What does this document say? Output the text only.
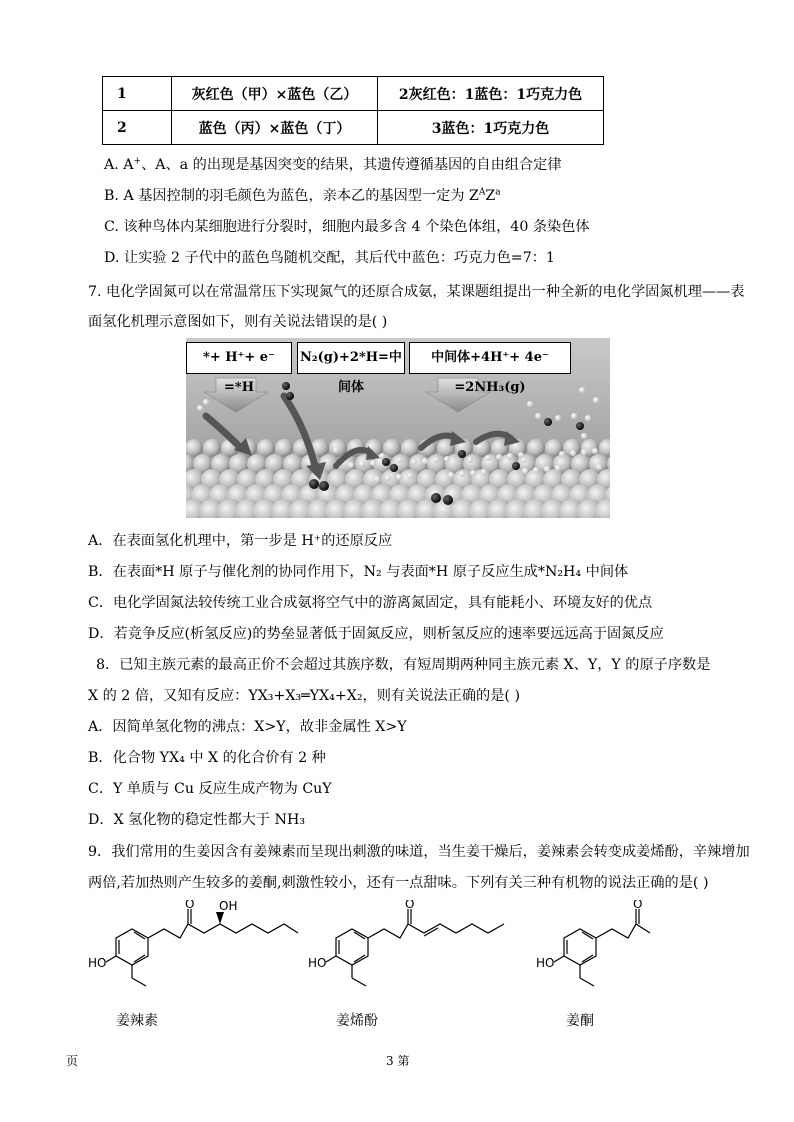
1	灰红色（甲）×蓝色（乙）	2灰红色：1蓝色：1巧克力色
2	蓝色（丙）×蓝色（丁）	3蓝色：1巧克力色
A. A+、A、a 的出现是基因突变的结果，其遗传遵循基因的自由组合定律
B. A 基因控制的羽毛颜色为蓝色，亲本乙的基因型一定为 $Z^AZ^a$
C. 该种鸟体内某细胞进行分裂时，细胞内最多含 4 个染色体组，40 条染色体
D. 让实验 2 子代中的蓝色鸟随机交配，其后代中蓝色：巧克力色=7：1
7. 电化学固氮可以在常温常压下实现氮气的还原合成氨，某课题组提出一种全新的电化学固氮机理——表
面氢化机理示意图如下，则有关说法错误的是( )
*+ H⁺+ e⁻ =*H
N₂(g)+2*H=中间体
中间体+4H⁺+ 4e⁻ =2NH₃(g)
A．在表面氢化机理中，第一步是 H⁺的还原反应
B．在表面*H 原子与催化剂的协同作用下，N₂ 与表面*H 原子反应生成*N₂H₄ 中间体
C．电化学固氮法较传统工业合成氨将空气中的游离氮固定，具有能耗小、环境友好的优点
D．若竞争反应(析氢反应)的势垒显著低于固氮反应，则析氢反应的速率要远远高于固氮反应
8．已知主族元素的最高正价不会超过其族序数，有短周期两种同主族元素 X、Y，Y 的原子序数是
X 的 2 倍，又知有反应：YX₃+X₃═YX₄+X₂，则有关说法正确的是( )
A．因简单氢化物的沸点：X>Y，故非金属性 X>Y
B．化合物 YX₄ 中 X 的化合价有 2 种
C．Y 单质与 Cu 反应生成产物为 CuY
D．X 氢化物的稳定性都大于 NH₃
9．我们常用的生姜因含有姜辣素而呈现出刺激的味道，当生姜干燥后，姜辣素会转变成姜烯酚，辛辣增加
两倍,若加热则产生较多的姜酮,刺激性较小，还有一点甜味。下列有关三种有机物的说法正确的是( )
O OH
HO
O
HO
O
HO
姜辣素	姜烯酚	姜酮
页	3 第
